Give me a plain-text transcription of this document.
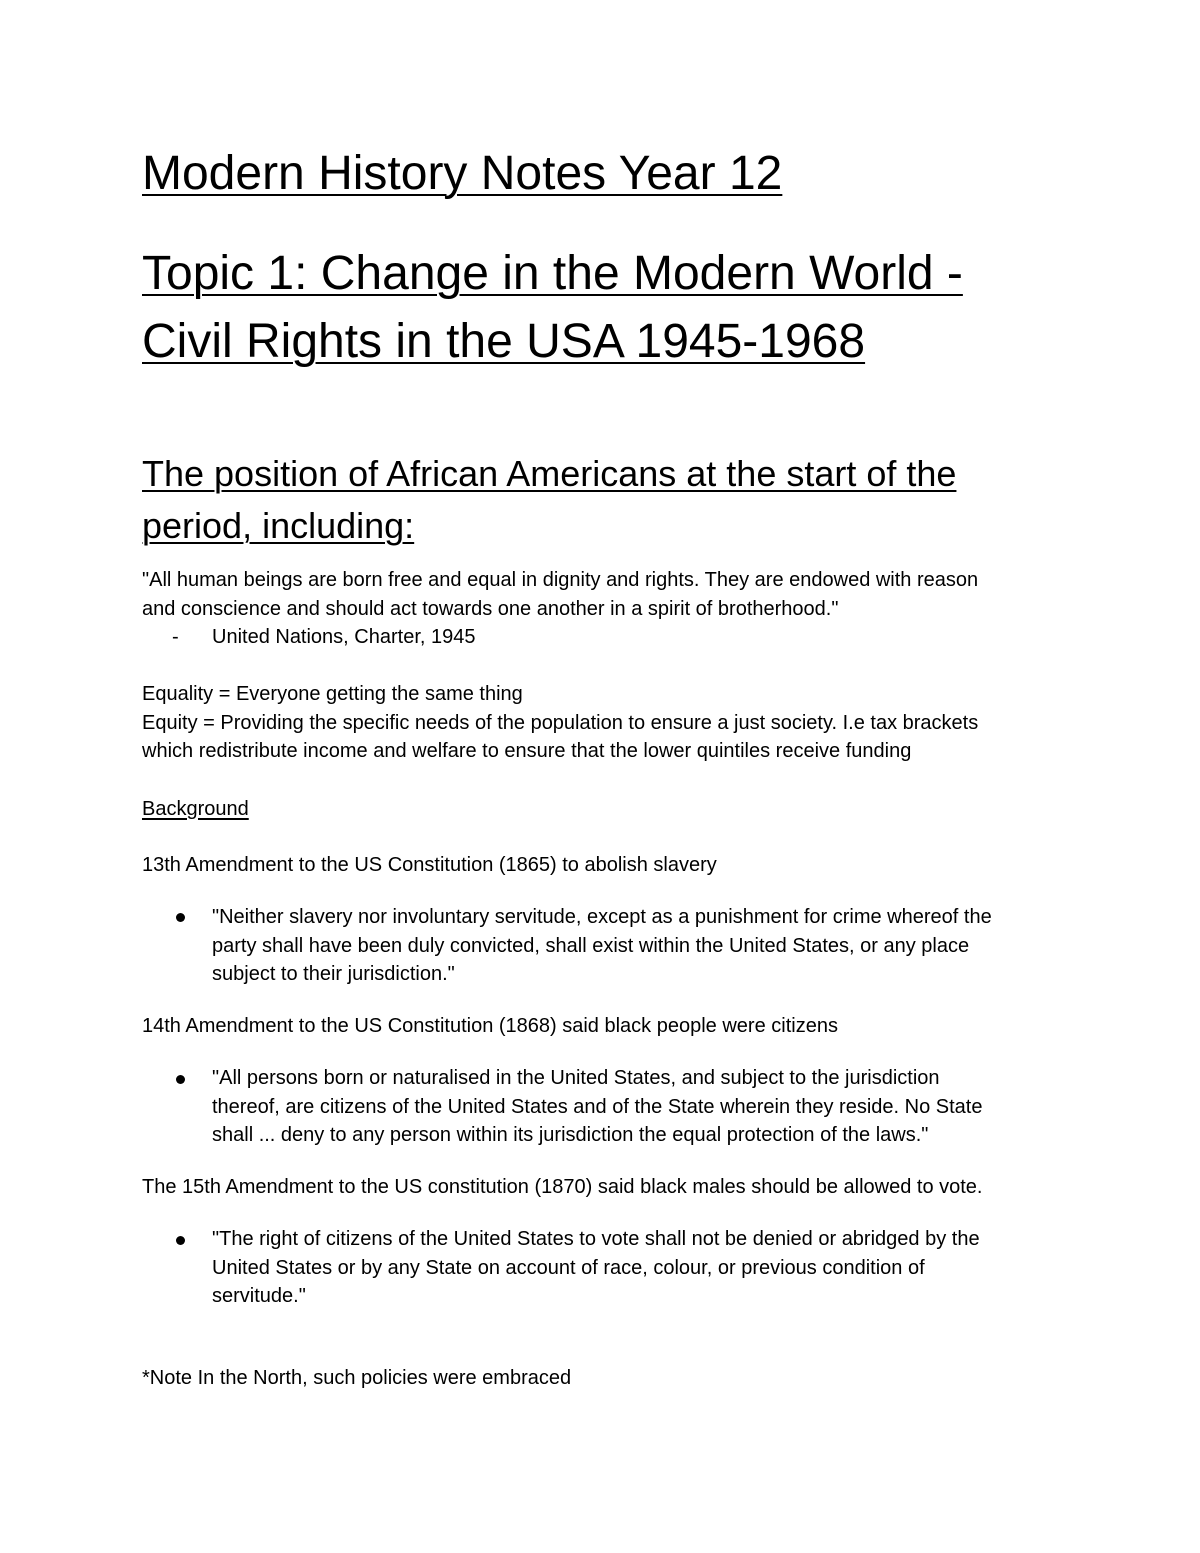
Modern History Notes Year 12
Topic 1: Change in the Modern World -
Civil Rights in the USA 1945-1968
The position of African Americans at the start of the
period, including:

"All human beings are born free and equal in dignity and rights. They are endowed with reason
and conscience and should act towards one another in a spirit of brotherhood."

- United Nations, Charter, 1945

Equality = Everyone getting the same thing

Equity = Providing the specific needs of the population to ensure a just society. I.e tax brackets
which redistribute income and welfare to ensure that the lower quintiles receive funding

Background

13th Amendment to the US Constitution (1865) to abolish slavery

"Neither slavery nor involuntary servitude, except as a punishment for crime whereof the
party shall have been duly convicted, shall exist within the United States, or any place
subject to their jurisdiction."

14th Amendment to the US Constitution (1868) said black people were citizens

"All persons born or naturalised in the United States, and subject to the jurisdiction
thereof, are citizens of the United States and of the State wherein they reside. No State
shall ... deny to any person within its jurisdiction the equal protection of the laws."

The 15th Amendment to the US constitution (1870) said black males should be allowed to vote.

"The right of citizens of the United States to vote shall not be denied or abridged by the
United States or by any State on account of race, colour, or previous condition of
servitude."

*Note In the North, such policies were embraced
